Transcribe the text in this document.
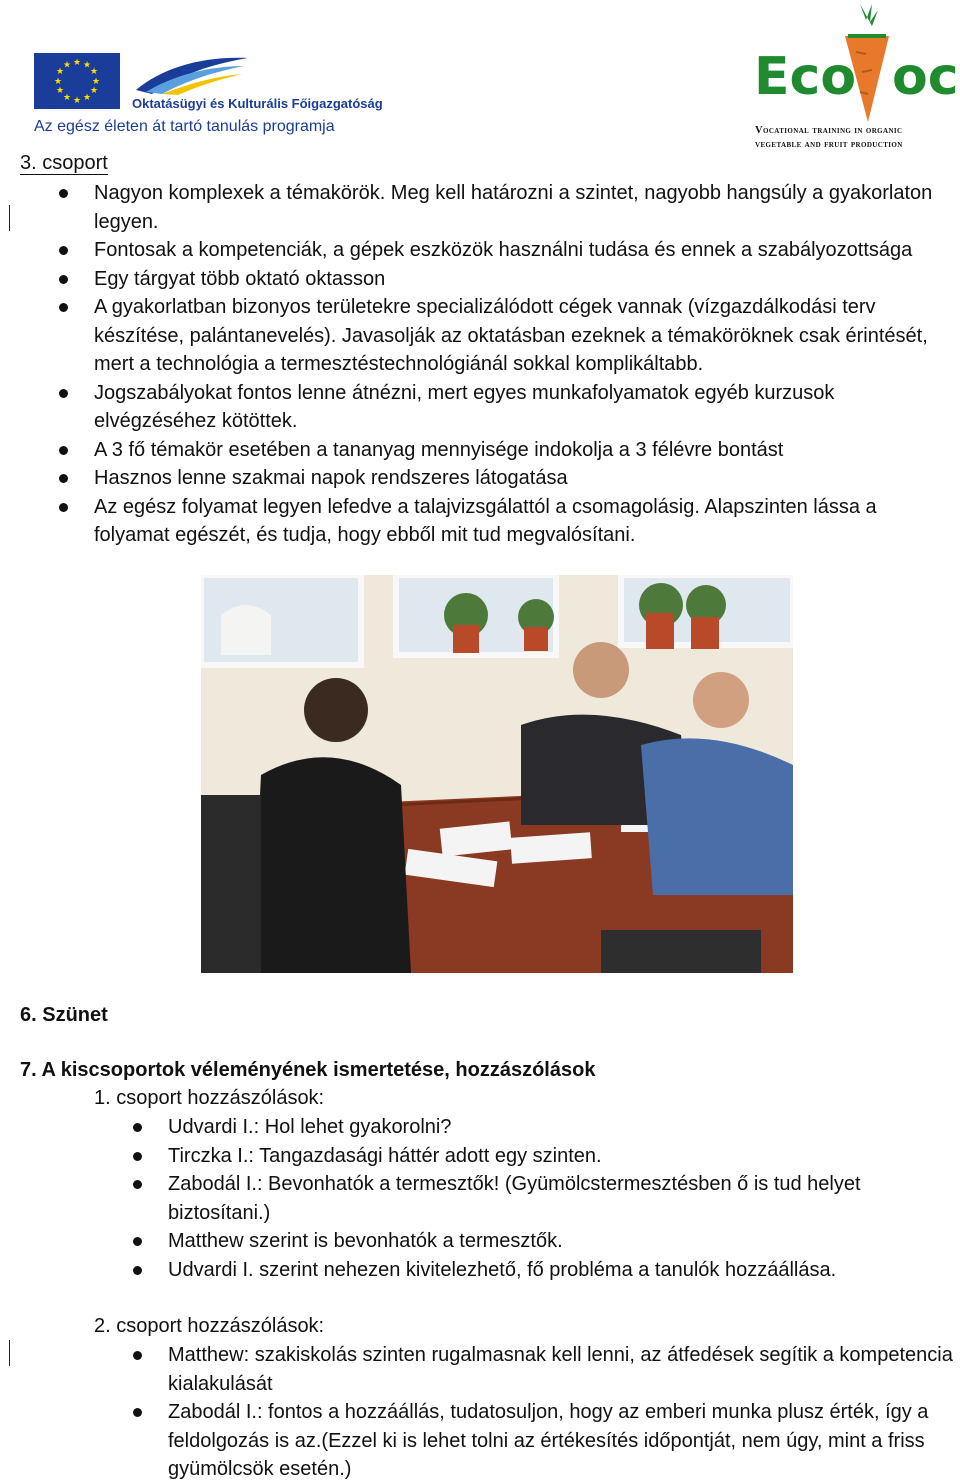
★ ★
★
★
★
★
★
★
★
★
★
★
Oktatásügyi és Kulturális Főigazgatóság
Az egész életen át tartó tanulás programja
Eco oc
Vocational training in organic
vegetable and fruit production
3. csoport
Nagyon komplexek a témakörök. Meg kell határozni a szintet, nagyobb hangsúly a gyakorlaton legyen.
Fontosak a kompetenciák, a gépek eszközök használni tudása és ennek a szabályozottsága
Egy tárgyat több oktató oktasson
A gyakorlatban bizonyos területekre specializálódott cégek vannak (vízgazdálkodási terv készítése, palántanevelés). Javasolják az oktatásban ezeknek a témaköröknek csak érintését, mert a technológia a termesztéstechnológiánál sokkal komplikáltabb.
Jogszabályokat fontos lenne átnézni, mert egyes munkafolyamatok egyéb kurzusok elvégzéséhez kötöttek.
A 3 fő témakör esetében a tananyag mennyisége indokolja a 3 félévre bontást
Hasznos lenne szakmai napok rendszeres látogatása
Az egész folyamat legyen lefedve a talajvizsgálattól a csomagolásig. Alapszinten lássa a folyamat egészét, és tudja, hogy ebből mit tud megvalósítani.
6. Szünet
7. A kiscsoportok véleményének ismertetése, hozzászólások
1. csoport hozzászólások:
Udvardi I.: Hol lehet gyakorolni?
Tirczka I.: Tangazdasági háttér adott egy szinten.
Zabodál I.: Bevonhatók a termesztők! (Gyümölcstermesztésben ő is tud helyet biztosítani.)
Matthew szerint is bevonhatók a termesztők.
Udvardi I. szerint nehezen kivitelezhető, fő probléma a tanulók hozzáállása.
2. csoport hozzászólások:
Matthew: szakiskolás szinten rugalmasnak kell lenni, az átfedések segítik a kompetencia kialakulását
Zabodál I.: fontos a hozzáállás, tudatosuljon, hogy az emberi munka plusz érték, így a feldolgozás is az.(Ezzel ki is lehet tolni az értékesítés időpontját, nem úgy, mint a friss gyümölcsök esetén.)
